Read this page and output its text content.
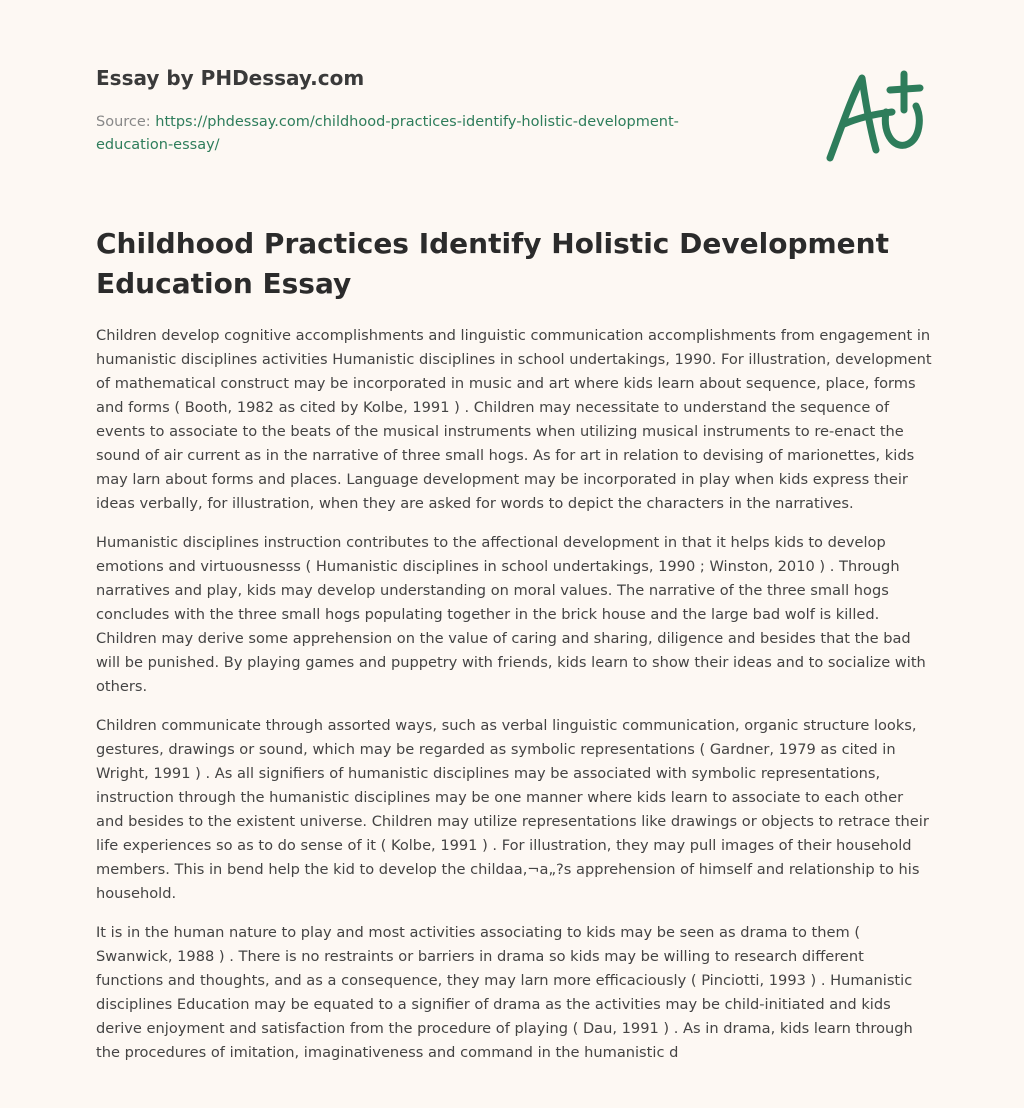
Essay by PHDessay.com
Source: https://phdessay.com/childhood-practices-identify-holistic-development-education-essay/
Childhood Practices Identify Holistic Development Education Essay

Children develop cognitive accomplishments and linguistic communication accomplishments from engagement in humanistic disciplines activities Humanistic disciplines in school undertakings, 1990. For illustration, development of mathematical construct may be incorporated in music and art where kids learn about sequence, place, forms and forms ( Booth, 1982 as cited by Kolbe, 1991 ) . Children may necessitate to understand the sequence of events to associate to the beats of the musical instruments when utilizing musical instruments to re-enact the sound of air current as in the narrative of three small hogs. As for art in relation to devising of marionettes, kids may larn about forms and places. Language development may be incorporated in play when kids express their ideas verbally, for illustration, when they are asked for words to depict the characters in the narratives.

Humanistic disciplines instruction contributes to the affectional development in that it helps kids to develop emotions and virtuousnesss ( Humanistic disciplines in school undertakings, 1990 ; Winston, 2010 ) . Through narratives and play, kids may develop understanding on moral values. The narrative of the three small hogs concludes with the three small hogs populating together in the brick house and the large bad wolf is killed. Children may derive some apprehension on the value of caring and sharing, diligence and besides that the bad will be punished. By playing games and puppetry with friends, kids learn to show their ideas and to socialize with others.

Children communicate through assorted ways, such as verbal linguistic communication, organic structure looks, gestures, drawings or sound, which may be regarded as symbolic representations ( Gardner, 1979 as cited in Wright, 1991 ) . As all signifiers of humanistic disciplines may be associated with symbolic representations, instruction through the humanistic disciplines may be one manner where kids learn to associate to each other and besides to the existent universe. Children may utilize representations like drawings or objects to retrace their life experiences so as to do sense of it ( Kolbe, 1991 ) . For illustration, they may pull images of their household members. This in bend help the kid to develop the childaa‚¬a„?s apprehension of himself and relationship to his household.

It is in the human nature to play and most activities associating to kids may be seen as drama to them ( Swanwick, 1988 ) . There is no restraints or barriers in drama so kids may be willing to research different functions and thoughts, and as a consequence, they may larn more efficaciously ( Pinciotti, 1993 ) . Humanistic disciplines Education may be equated to a signifier of drama as the activities may be child-initiated and kids derive enjoyment and satisfaction from the procedure of playing ( Dau, 1991 ) . As in drama, kids learn through the procedures of imitation, imaginativeness and command in the humanistic d
